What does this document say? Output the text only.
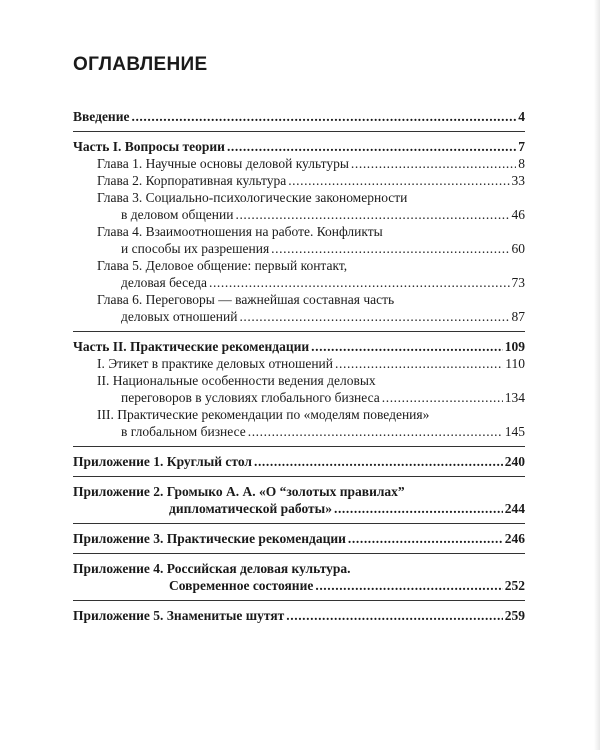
ОГЛАВЛЕНИЕ
Введение .....	4
Часть I. Вопросы теории .....	7
Глава 1. Научные основы деловой культуры .....	8
Глава 2. Корпоративная культура .....	33
Глава 3. Социально-психологические закономерности
в деловом общении .....	46
Глава 4. Взаимоотношения на работе. Конфликты
и способы их разрешения .....	60
Глава 5. Деловое общение: первый контакт,
деловая беседа .....	73
Глава 6. Переговоры — важнейшая составная часть
деловых отношений .....	87
Часть II. Практические рекомендации .....	109
I. Этикет в практике деловых отношений .....	110
II. Национальные особенности ведения деловых
переговоров в условиях глобального бизнеса .....	134
III. Практические рекомендации по «моделям поведения»
в глобальном бизнесе .....	145
Приложение 1. Круглый стол .....	240
Приложение 2. Громыко А. А. «О “золотых правилах”
дипломатической работы» .....	244
Приложение 3. Практические рекомендации .....	246
Приложение 4. Российская деловая культура.
Современное состояние .....	252
Приложение 5. Знаменитые шутят .....	259
